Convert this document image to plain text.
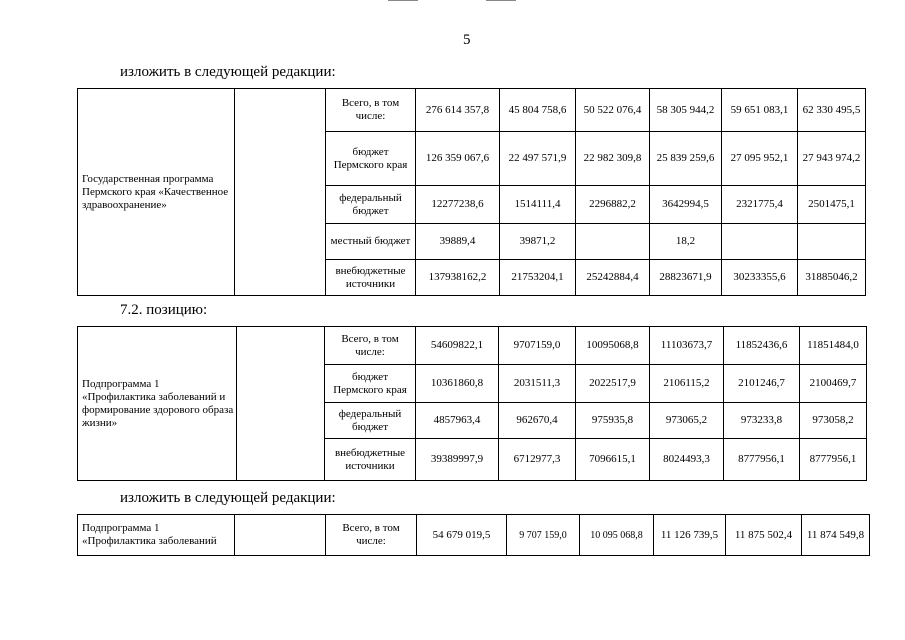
5
изложить в следующей редакции:
Государственная программа Пермского края «Качественное здравоохранение»		Всего, в том числе:	276 614 357,8	45 804 758,6	50 522 076,4	58 305 944,2	59 651 083,1	62 330 495,5
		бюджет Пермского края	126 359 067,6	22 497 571,9	22 982 309,8	25 839 259,6	27 095 952,1	27 943 974,2
		федеральный бюджет	12277238,6	1514111,4	2296882,2	3642994,5	2321775,4	2501475,1
		местный бюджет	39889,4	39871,2		18,2		
		внебюджетные источники	137938162,2	21753204,1	25242884,4	28823671,9	30233355,6	31885046,2
7.2. позицию:
Подпрограмма 1 «Профилактика заболеваний и формирование здорового образа жизни»		Всего, в том числе:	54609822,1	9707159,0	10095068,8	11103673,7	11852436,6	11851484,0
		бюджет Пермского края	10361860,8	2031511,3	2022517,9	2106115,2	2101246,7	2100469,7
		федеральный бюджет	4857963,4	962670,4	975935,8	973065,2	973233,8	973058,2
		внебюджетные источники	39389997,9	6712977,3	7096615,1	8024493,3	8777956,1	8777956,1
изложить в следующей редакции:
Подпрограмма 1 «Профилактика заболеваний		Всего, в том числе:	54 679 019,5	9 707 159,0	10 095 068,8	11 126 739,5	11 875 502,4	11 874 549,8
